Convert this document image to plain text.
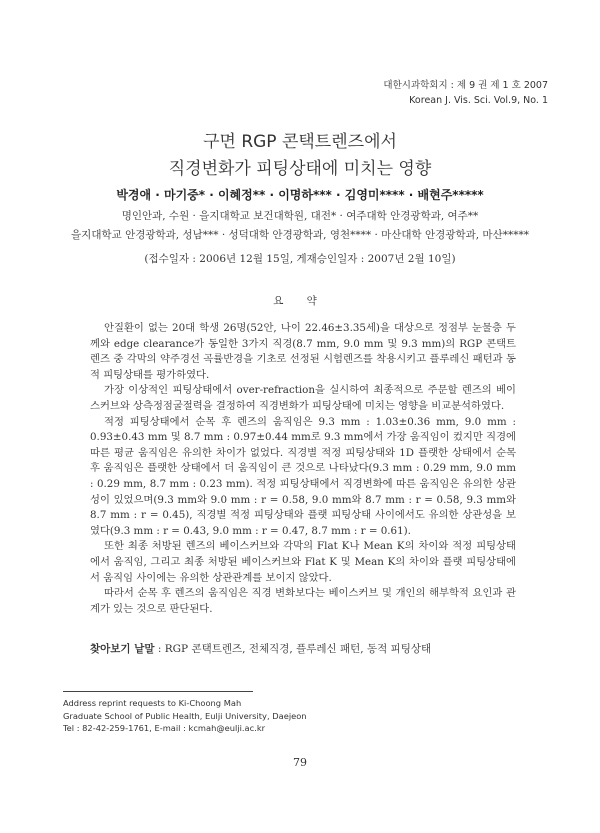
대한시과학회지 : 제 9 권 제 1 호 2007
Korean J. Vis. Sci. Vol.9, No. 1
구면 RGP 콘택트렌즈에서
직경변화가 피팅상태에 미치는 영향
박경애 · 마기중* · 이혜정** · 이명하*** · 김영미**** · 배현주*****
명인안과, 수원 · 을지대학교 보건대학원, 대전* · 여주대학 안경광학과, 여주**
을지대학교 안경광학과, 성남*** · 성덕대학 안경광학과, 영천**** · 마산대학 안경광학과, 마산*****
(접수일자 : 2006년 12월 15일, 게재승인일자 : 2007년 2월 10일)
요 약

안질환이 없는 20대 학생 26명(52안, 나이 22.46±3.35세)을 대상으로 정점부 눈물층 두께와 edge clearance가 동일한 3가지 직경(8.7 mm, 9.0 mm 및 9.3 mm)의 RGP 콘택트렌즈 중 각막의 약주경선 곡률반경을 기초로 선정된 시험렌즈를 착용시키고 플루레신 패턴과 동적 피팅상태를 평가하였다.

가장 이상적인 피팅상태에서 over-refraction을 실시하여 최종적으로 주문할 렌즈의 베이스커브와 상측정점굴절력을 결정하여 직경변화가 피팅상태에 미치는 영향을 비교분석하였다.

적정 피팅상태에서 순목 후 렌즈의 움직임은 9.3 mm : 1.03±0.36 mm, 9.0 mm : 0.93±0.43 mm 및 8.7 mm : 0.97±0.44 mm로 9.3 mm에서 가장 움직임이 컸지만 직경에 따른 평균 움직임은 유의한 차이가 없었다. 직경별 적정 피팅상태와 1D 플랫한 상태에서 순목 후 움직임은 플랫한 상태에서 더 움직임이 큰 것으로 나타났다(9.3 mm : 0.29 mm, 9.0 mm : 0.29 mm, 8.7 mm : 0.23 mm). 적정 피팅상태에서 직경변화에 따른 움직임은 유의한 상관성이 있었으며(9.3 mm와 9.0 mm : r = 0.58, 9.0 mm와 8.7 mm : r = 0.58, 9.3 mm와 8.7 mm : r = 0.45), 직경별 적정 피팅상태와 플랫 피팅상태 사이에서도 유의한 상관성을 보였다(9.3 mm : r = 0.43, 9.0 mm : r = 0.47, 8.7 mm : r = 0.61).

또한 최종 처방된 렌즈의 베이스커브와 각막의 Flat K나 Mean K의 차이와 적정 피팅상태에서 움직임, 그리고 최종 처방된 베이스커브와 Flat K 및 Mean K의 차이와 플랫 피팅상태에서 움직임 사이에는 유의한 상관관계를 보이지 않았다.

따라서 순목 후 렌즈의 움직임은 직경 변화보다는 베이스커브 및 개인의 해부학적 요인과 관계가 있는 것으로 판단된다.

찾아보기 낱말 : RGP 콘택트렌즈, 전체직경, 플루레신 패턴, 동적 피팅상태
Address reprint requests to Ki-Choong Mah
Graduate School of Public Health, Eulji University, Daejeon
Tel : 82-42-259-1761, E-mail : kcmah@eulji.ac.kr
79
